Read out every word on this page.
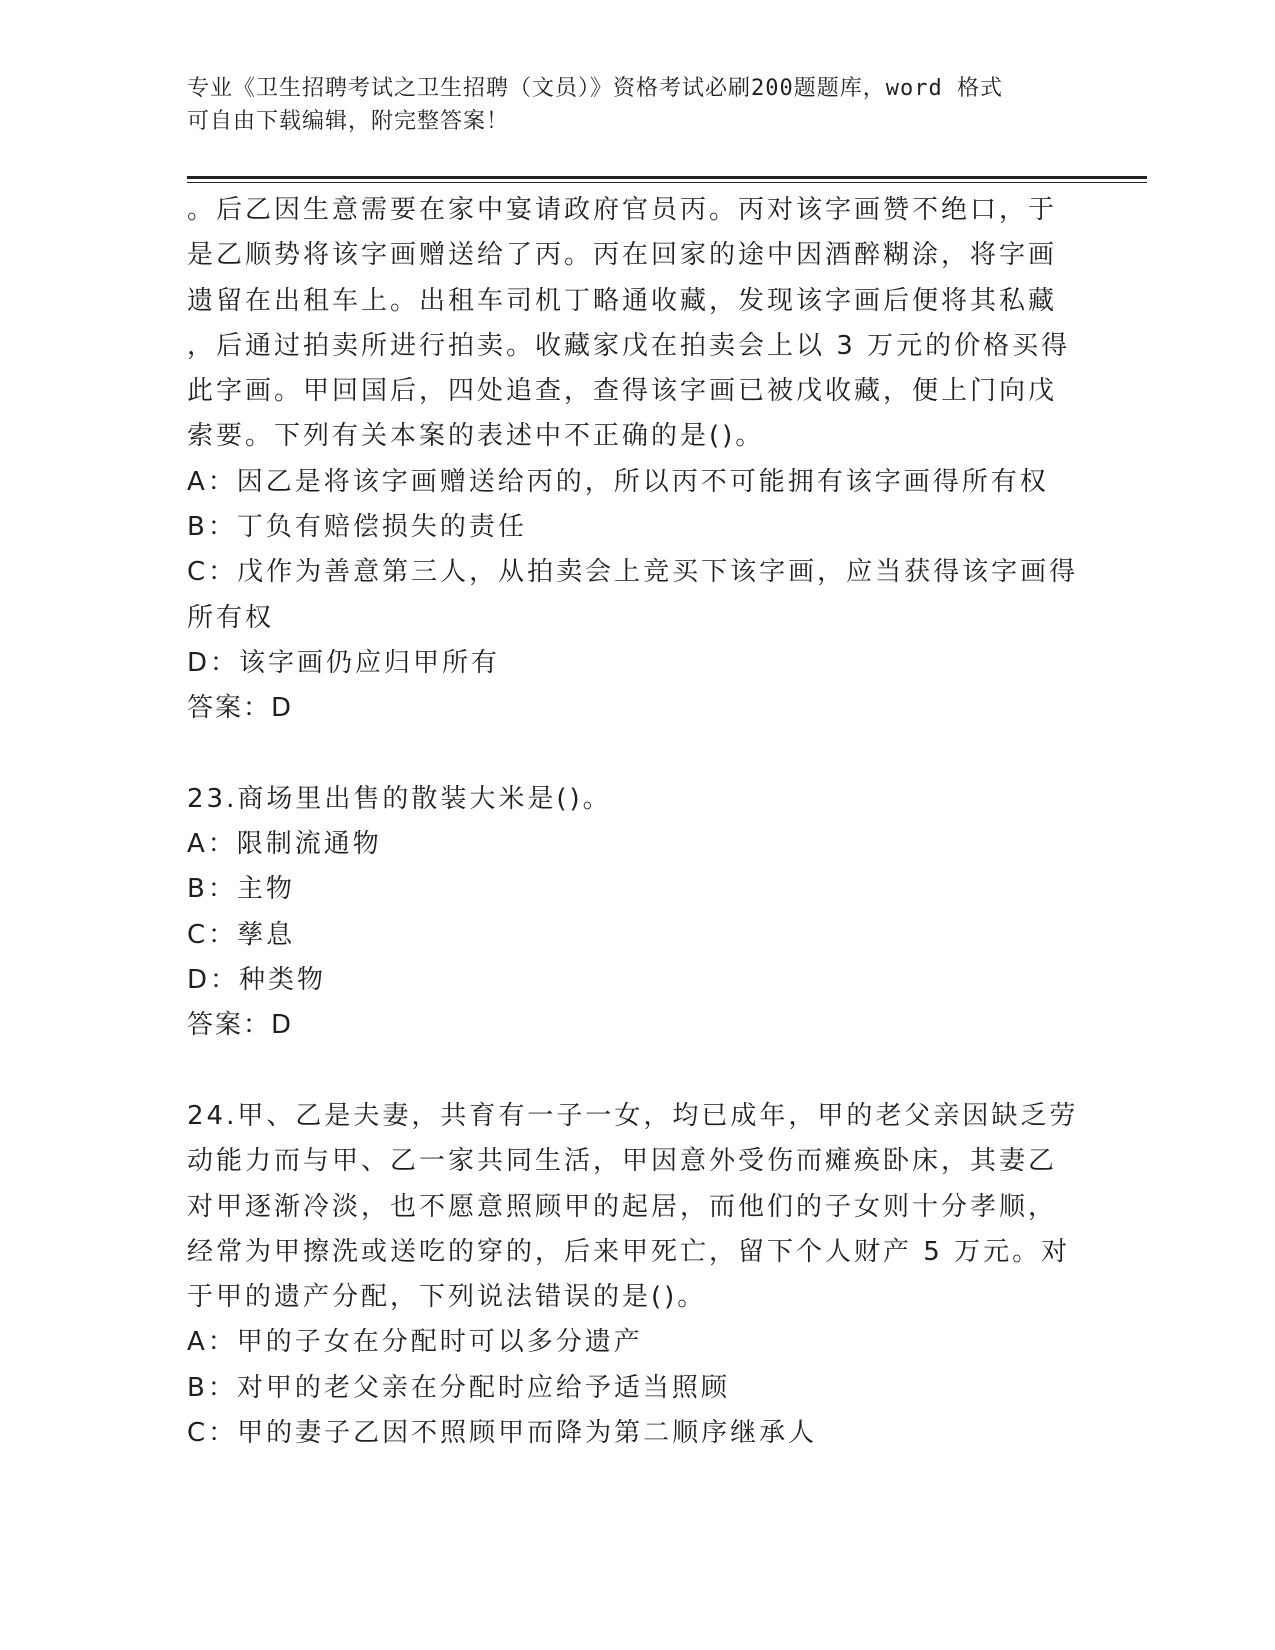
专业《卫生招聘考试之卫生招聘（文员）》资格考试必刷200题题库，word 格式
可自由下载编辑，附完整答案！
。后乙因生意需要在家中宴请政府官员丙。丙对该字画赞不绝口，于
是乙顺势将该字画赠送给了丙。丙在回家的途中因酒醉糊涂，将字画
遗留在出租车上。出租车司机丁略通收藏，发现该字画后便将其私藏
，后通过拍卖所进行拍卖。收藏家戊在拍卖会上以 3 万元的价格买得
此字画。甲回国后，四处追查，查得该字画已被戊收藏，便上门向戊
索要。下列有关本案的表述中不正确的是()。
A：因乙是将该字画赠送给丙的，所以丙不可能拥有该字画得所有权
B：丁负有赔偿损失的责任
C：戊作为善意第三人，从拍卖会上竞买下该字画，应当获得该字画得
所有权
D：该字画仍应归甲所有
答案：D
23.商场里出售的散装大米是()。
A：限制流通物
B：主物
C：孳息
D：种类物
答案：D
24.甲、乙是夫妻，共育有一子一女，均已成年，甲的老父亲因缺乏劳
动能力而与甲、乙一家共同生活，甲因意外受伤而瘫痪卧床，其妻乙
对甲逐渐冷淡，也不愿意照顾甲的起居，而他们的子女则十分孝顺，
经常为甲擦洗或送吃的穿的，后来甲死亡，留下个人财产 5 万元。对
于甲的遗产分配，下列说法错误的是()。
A：甲的子女在分配时可以多分遗产
B：对甲的老父亲在分配时应给予适当照顾
C：甲的妻子乙因不照顾甲而降为第二顺序继承人
